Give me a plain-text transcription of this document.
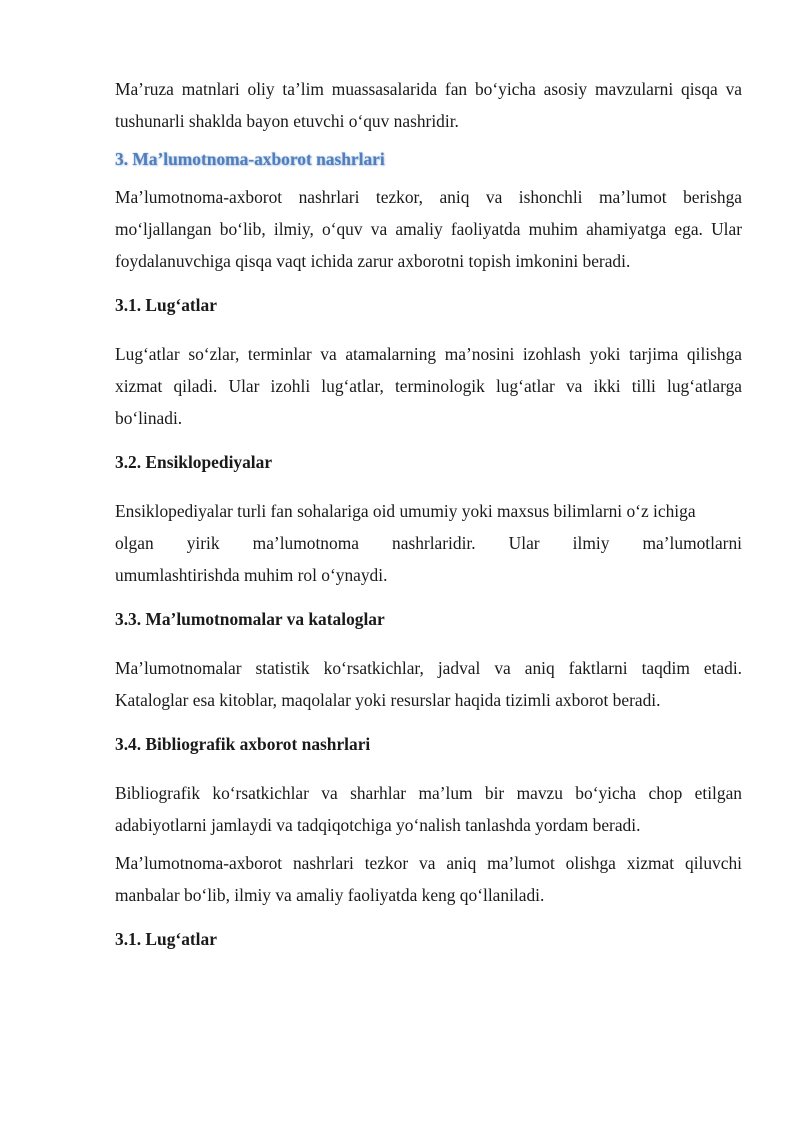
Ma’ruza matnlari oliy ta’lim muassasalarida fan bo‘yicha asosiy mavzularni qisqa va tushunarli shaklda bayon etuvchi o‘quv nashridir.

3. Ma’lumotnoma-axborot nashrlari

Ma’lumotnoma-axborot nashrlari tezkor, aniq va ishonchli ma’lumot berishga mo‘ljallangan bo‘lib, ilmiy, o‘quv va amaliy faoliyatda muhim ahamiyatga ega. Ular foydalanuvchiga qisqa vaqt ichida zarur axborotni topish imkonini beradi.

3.1. Lug‘atlar

Lug‘atlar so‘zlar, terminlar va atamalarning ma’nosini izohlash yoki tarjima qilishga xizmat qiladi. Ular izohli lug‘atlar, terminologik lug‘atlar va ikki tilli lug‘atlarga bo‘linadi.

3.2. Ensiklopediyalar

Ensiklopediyalar turli fan sohalariga oid umumiy yoki maxsus bilimlarni o‘z ichiga

olgan yirik ma’lumotnoma nashrlaridir. Ular ilmiy ma’lumotlarni

umumlashtirishda muhim rol o‘ynaydi.

3.3. Ma’lumotnomalar va kataloglar

Ma’lumotnomalar statistik ko‘rsatkichlar, jadval va aniq faktlarni taqdim etadi. Kataloglar esa kitoblar, maqolalar yoki resurslar haqida tizimli axborot beradi.

3.4. Bibliografik axborot nashrlari

Bibliografik ko‘rsatkichlar va sharhlar ma’lum bir mavzu bo‘yicha chop etilgan adabiyotlarni jamlaydi va tadqiqotchiga yo‘nalish tanlashda yordam beradi.

Ma’lumotnoma-axborot nashrlari tezkor va aniq ma’lumot olishga xizmat qiluvchi manbalar bo‘lib, ilmiy va amaliy faoliyatda keng qo‘llaniladi.

3.1. Lug‘atlar
